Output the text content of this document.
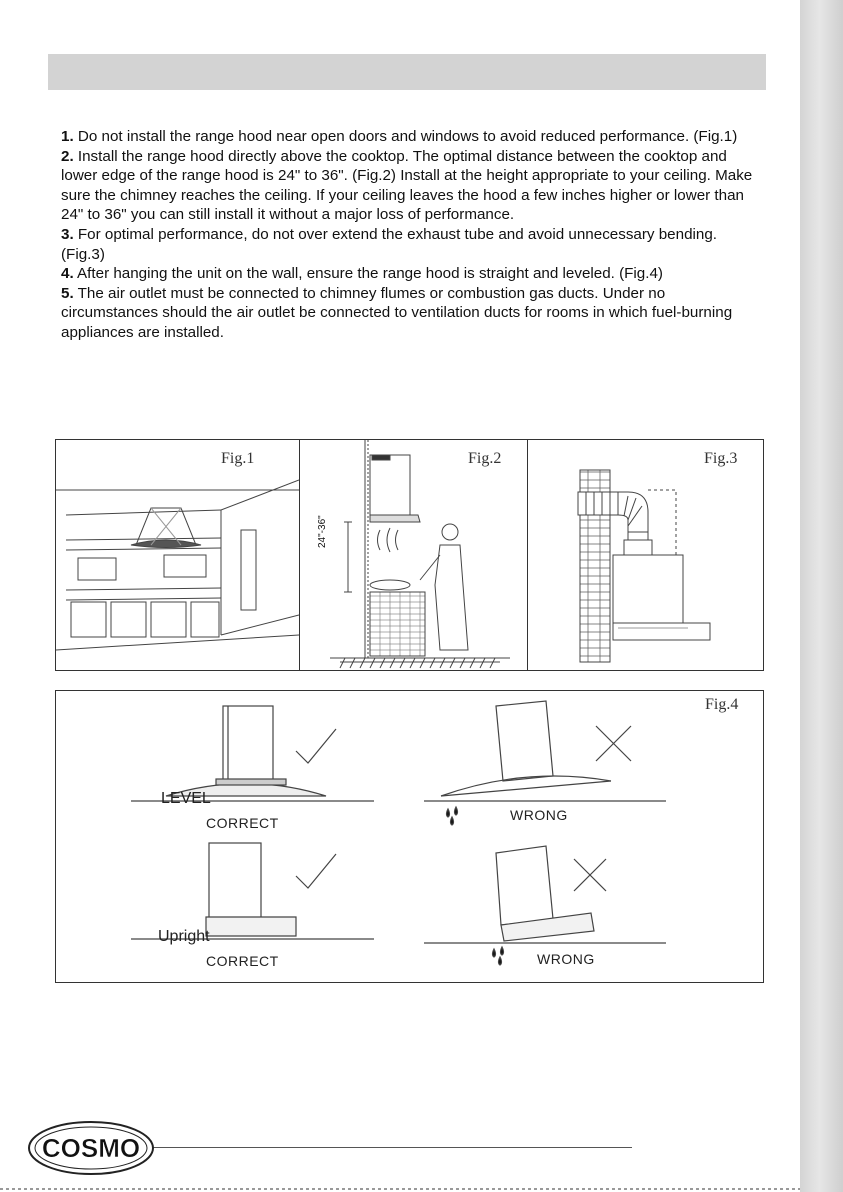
1. Do not install the range hood near open doors and windows to avoid reduced performance. (Fig.1)

2. Install the range hood directly above the cooktop. The optimal distance between the cooktop and lower edge of the range hood is 24" to 36". (Fig.2) Install at the height appropriate to your ceiling. Make sure the chimney reaches the ceiling. If your ceiling leaves the hood a few inches higher or lower than 24" to 36" you can still install it without a major loss of performance.

3. For optimal performance, do not over extend the exhaust tube and avoid unnecessary bending. (Fig.3)

4. After hanging the unit on the wall, ensure the range hood is straight and leveled. (Fig.4)

5. The air outlet must be connected to chimney flumes or combustion gas ducts. Under no circumstances should the air outlet be connected to ventilation ducts for rooms in which fuel-burning appliances are installed.

Fig.1	Fig.2
24"-36"
Fig.3
Fig.4
LEVEL
CORRECT	WRONG
Upright
CORRECT	WRONG
COSMO
